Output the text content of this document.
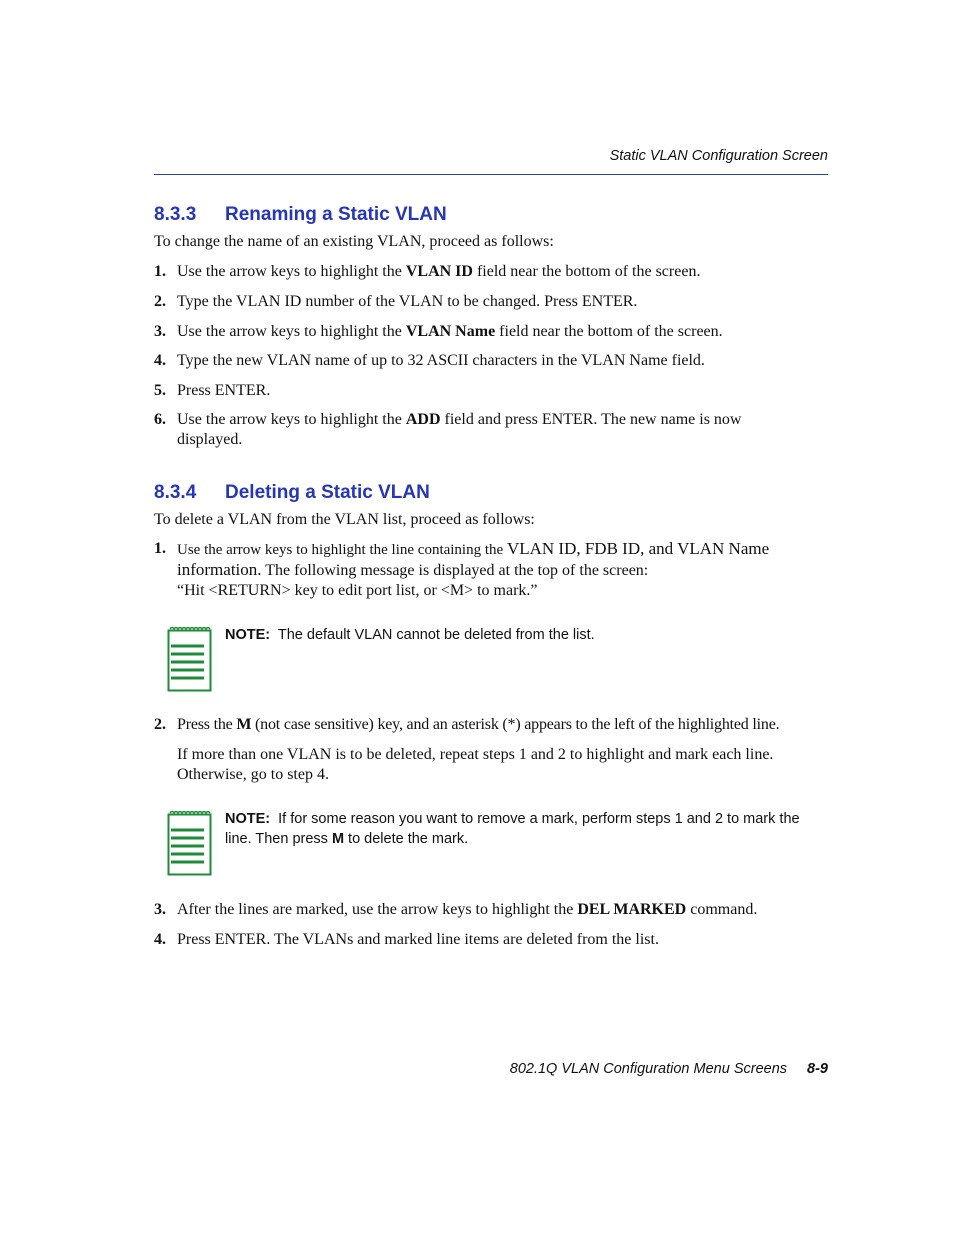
Static VLAN Configuration Screen
8.3.3 Renaming a Static VLAN

To change the name of an existing VLAN, proceed as follows:

1. Use the arrow keys to highlight the VLAN ID field near the bottom of the screen.
2. Type the VLAN ID number of the VLAN to be changed. Press ENTER.
3. Use the arrow keys to highlight the VLAN Name field near the bottom of the screen.
4. Type the new VLAN name of up to 32 ASCII characters in the VLAN Name field.
5. Press ENTER.
6. Use the arrow keys to highlight the ADD field and press ENTER. The new name is now displayed.
8.3.4 Deleting a Static VLAN

To delete a VLAN from the VLAN list, proceed as follows:

1. Use the arrow keys to highlight the line containing the VLAN ID, FDB ID, and VLAN Name information. The following message is displayed at the top of the screen:
“Hit <RETURN> key to edit port list, or <M> to mark.”
NOTE: The default VLAN cannot be deleted from the list.
2. Press the M (not case sensitive) key, and an asterisk (*) appears to the left of the highlighted line.

If more than one VLAN is to be deleted, repeat steps 1 and 2 to highlight and mark each line. Otherwise, go to step 4.

NOTE: If for some reason you want to remove a mark, perform steps 1 and 2 to mark the line. Then press M to delete the mark.
3. After the lines are marked, use the arrow keys to highlight the DEL MARKED command.
4. Press ENTER. The VLANs and marked line items are deleted from the list.
802.1Q VLAN Configuration Menu Screens 8-9
